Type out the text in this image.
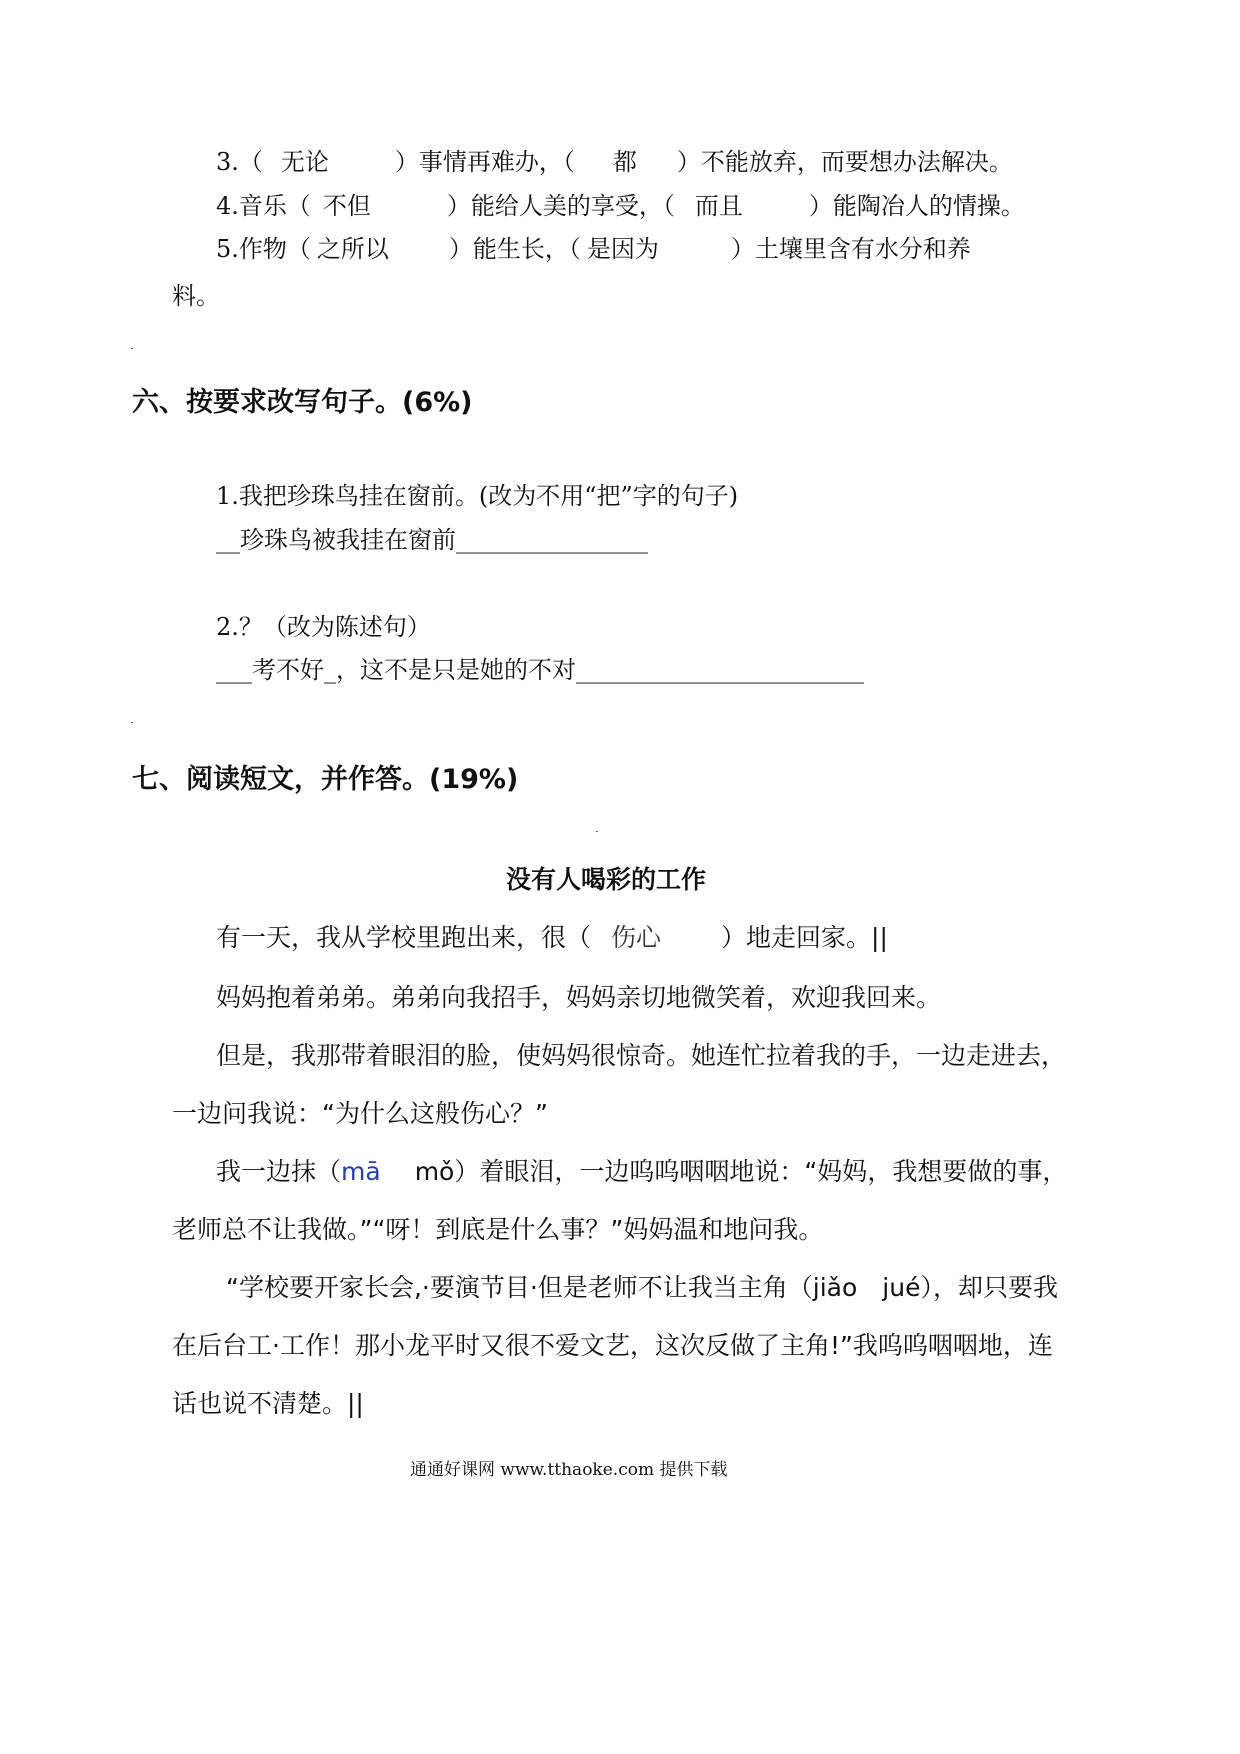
3.（ 无论	）事情再难办，（ 都 ）不能放弃，而要想办法解决。
4.音乐（ 不但	）能给人美的享受，（ 而且	）能陶冶人的情操。
5.作物（ 之所以	）能生长，（ 是因为	）土壤里含有水分和养
料。
六、按要求改写句子。(6%)
1.我把珍珠鸟挂在窗前。(改为不用“把”字的句子)
__珍珠鸟被我挂在窗前________________
2.？（改为陈述句）
___考不好_，这不是只是她的不对________________________
七、阅读短文，并作答。(19%)
没有人喝彩的工作
有一天，我从学校里跑出来，很（ 伤心 ）地走回家。||
妈妈抱着弟弟。弟弟向我招手，妈妈亲切地微笑着，欢迎我回来。
但是，我那带着眼泪的脸，使妈妈很惊奇。她连忙拉着我的手，一边走进去，
一边问我说：“为什么这般伤心？”
我一边抹（mā mǒ）着眼泪，一边呜呜咽咽地说：“妈妈，我想要做的事，
老师总不让我做。”“呀！到底是什么事？”妈妈温和地问我。
“学校要开家长会,·要演节目·但是老师不让我当主角（jiǎo　jué），却只要我
在后台工·工作！那小龙平时又很不爱文艺，这次反做了主角!”我呜呜咽咽地，连
话也说不清楚。||
通通好课网 www.tthaoke.com 提供下载
